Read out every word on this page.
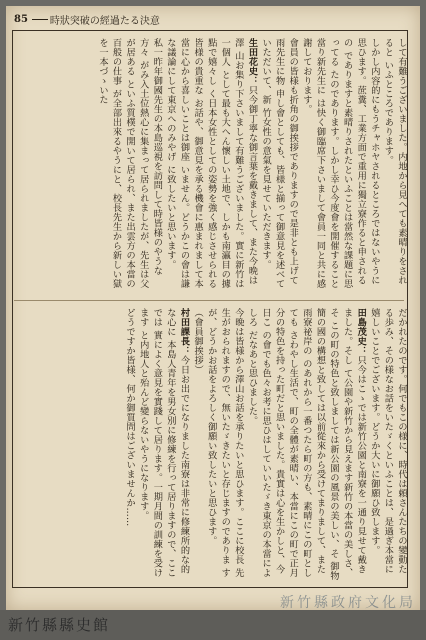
85 時狀突破の經過たる決意
して有難うございました。内地から見へても素晴りをされると いふところであります。
しかし内容的にもうチャホヤされるところではないやうに 思ひます。蔗糞、工業方面で重用に獨立寮作ると申されるの でありますと素晴りされたといふことは當然な課題に思ってる たのであります。しかし幸ひ今度會を開催すること當り新先生に は快く御臨席下さいまして會員一同と共に感謝しております。
會員の皆様も折角の御挨拶でありますので是非とも上げて雨先生に物 申し會としても、皆様と揃って御意見を述べていただいて、新 竹女性の意氣を見せていただきます。
生田花史：只今御丁寧な御言葉を戴きまして、また今晩は澤 山お集り下さいまして有難うございました。實に新竹は一個人 として最も大へん懷しい土地で、しかも南瀛目の據點で嬉々し く日本女性としての姿勢を強く感じさせられる皆様の貴重な お話や、御意見を承る機會に惠まれまして本當に心から喜しいことは御座 いません。どうかこの會は謙な議論にして東京へのみやげ に致したいと思います。
私一昨年御國先生の本島巡視を訪問して時皆様のやうな方々 がみ入土位熱心に集まって居られましたが、先生は父が居ある といふ質樸で開いて居られ、また出雲方の本當の百般の仕事 が全部出來るやうにと、校長先生から新しい獄を一本づゝいた
だかれたのです。何でもこの様に、時代は頼さんたちの變動た る歩み、その様なお話をいたゞくといふことは、是過ぎ本當に 嬉しいことでございます。どうか大いに御願ひ致します。
田島茂史：只今はこゝでは新竹公園と南寮を一通り見せて戴きました。そし て公園や新竹から見えます新竹の本當の美しさ、そ この町の特色と致しましては新公園の風景の美しい、そ 御物簡の國の構想と致しては以前從來から受けてまりまして、また雨寮祕岸の のあれから一番つたら町の方も、素晴にこの町としても さわやし生活で、町の全體が素晴い、本當にこの町で正月 分の特色を持った町だと思いました。貴實は心を生かしと、今日こ の會でも色々お考に思ひはしていいたゞき東京の本當によしろ だなあと思ひました。
今晩は皆様から澤山お話を承りたいと思ひます。ここに校長 先生がおられますので、無いたゞきたいと存じますのでありま すが、どうかお話をよろしく御願い致したいと思ひます。
（會員御挨拶）
村田課長：今日お出でになりました南寮は非常に修練所的な的な心に 本島人青年を男女別に修練を行って居りますので、ここでは 實によく意見を實踐して居ります。一期月間の訓練を受けます と内地人と殆んど變らないやうになります。
どうですか皆様、何か御質問はございませんか……
新竹縣縣史館
新竹縣政府文化局
